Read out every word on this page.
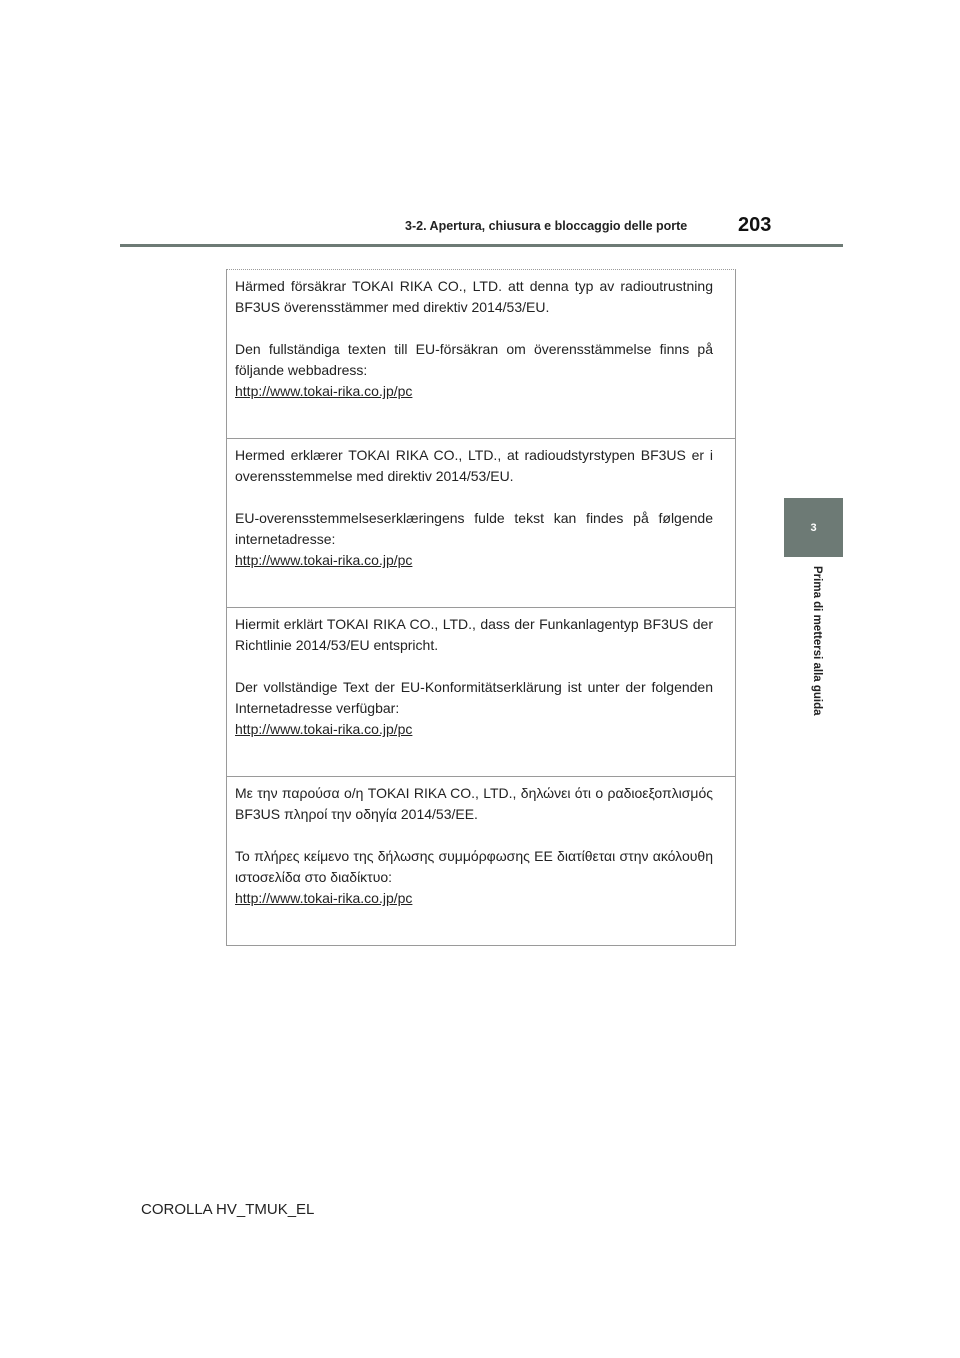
3-2. Apertura, chiusura e bloccaggio delle porte	203
3
Prima di mettersi alla guida

Härmed försäkrar TOKAI RIKA CO., LTD. att denna typ av radioutrustning BF3US överensstämmer med direktiv 2014/53/EU.

Den fullständiga texten till EU-försäkran om överensstämmelse finns på följande webbadress:

http://www.tokai-rika.co.jp/pc

Hermed erklærer TOKAI RIKA CO., LTD., at radioudstyrstypen BF3US er i overensstemmelse med direktiv 2014/53/EU.

EU-overensstemmelseserklæringens fulde tekst kan findes på følgende internetadresse:

http://www.tokai-rika.co.jp/pc

Hiermit erklärt TOKAI RIKA CO., LTD., dass der Funkanlagentyp BF3US der Richtlinie 2014/53/EU entspricht.

Der vollständige Text der EU-Konformitätserklärung ist unter der folgenden Internetadresse verfügbar:

http://www.tokai-rika.co.jp/pc

Με την παρούσα ο/η TOKAI RIKA CO., LTD., δηλώνει ότι ο ραδιοεξοπλισμός BF3US πληροί την οδηγία 2014/53/ΕΕ.

Το πλήρες κείμενο της δήλωσης συμμόρφωσης ΕΕ διατίθεται στην ακόλουθη ιστοσελίδα στο διαδίκτυο:

http://www.tokai-rika.co.jp/pc
COROLLA HV_TMUK_EL
